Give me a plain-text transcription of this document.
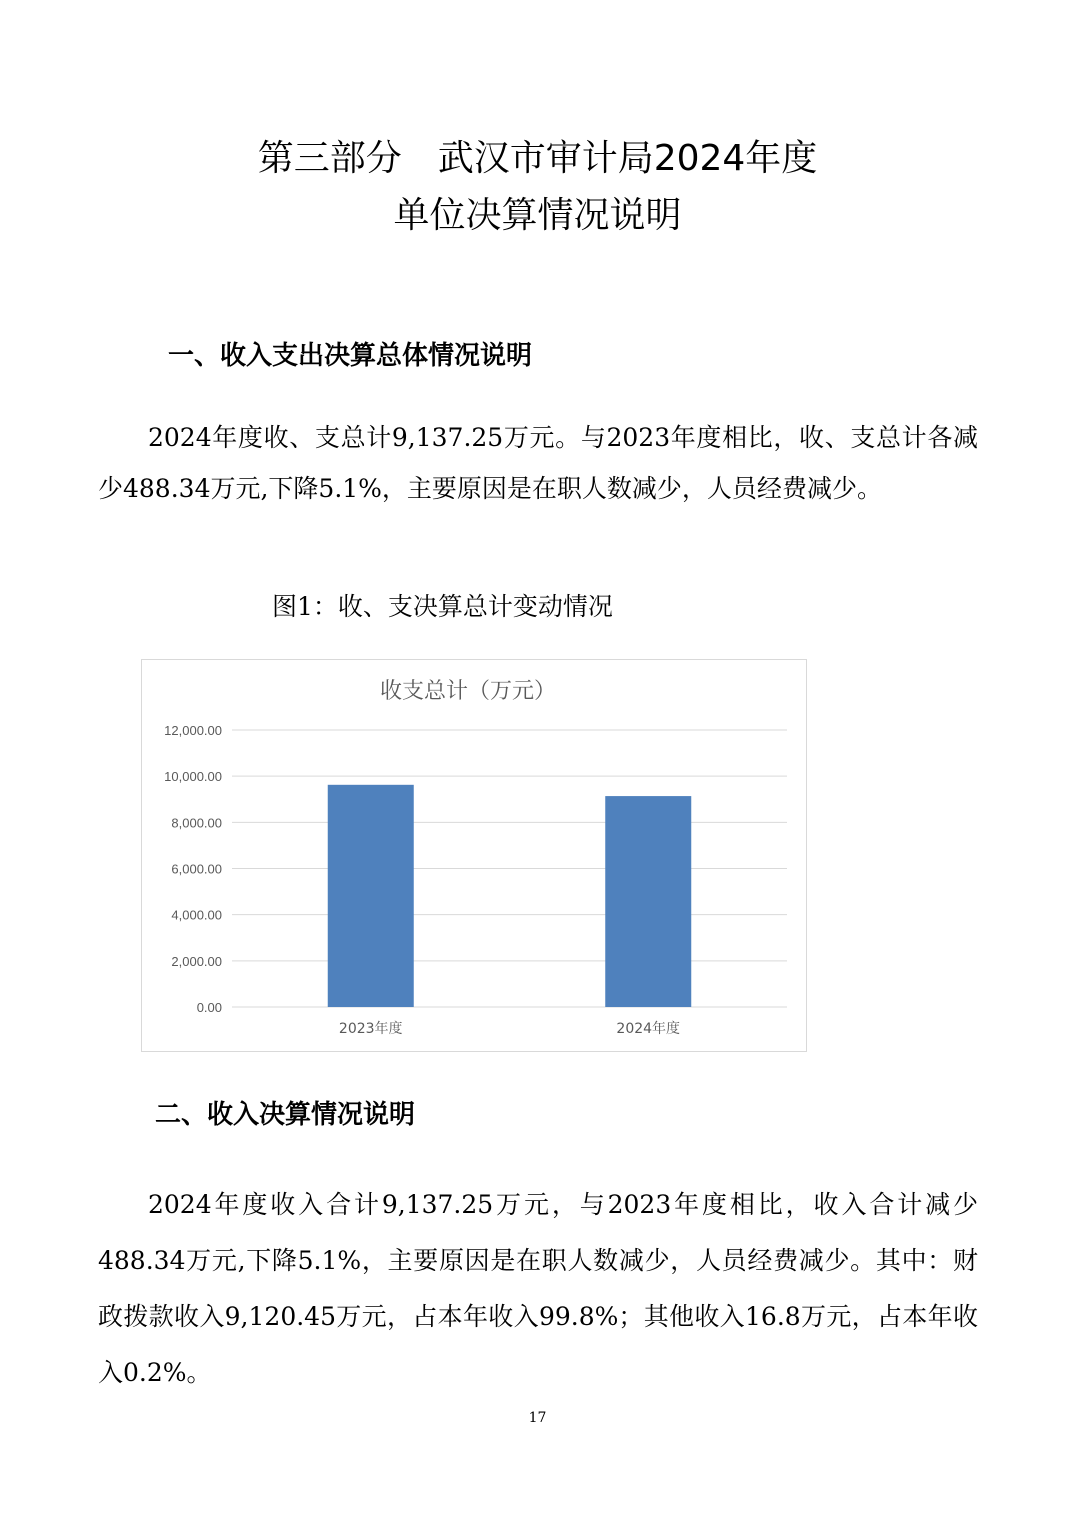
第三部分　武汉市审计局2024年度
单位决算情况说明
一、收入支出决算总体情况说明
2024年度收、支总计9,137.25万元。与2023年度相比，收、支总计各减少488.34万元,下降5.1%，主要原因是在职人数减少，人员经费减少。
图1：收、支决算总计变动情况
收支总计（万元）
0.00
2,000.00
4,000.00
6,000.00
8,000.00
10,000.00
12,000.00
2023年度	2024年度
二、收入决算情况说明
2024年度收入合计9,137.25万元，与2023年度相比，收入合计减少488.34万元,下降5.1%，主要原因是在职人数减少，人员经费减少。其中：财政拨款收入9,120.45万元，占本年收入99.8%；其他收入16.8万元，占本年收入0.2%。
17
